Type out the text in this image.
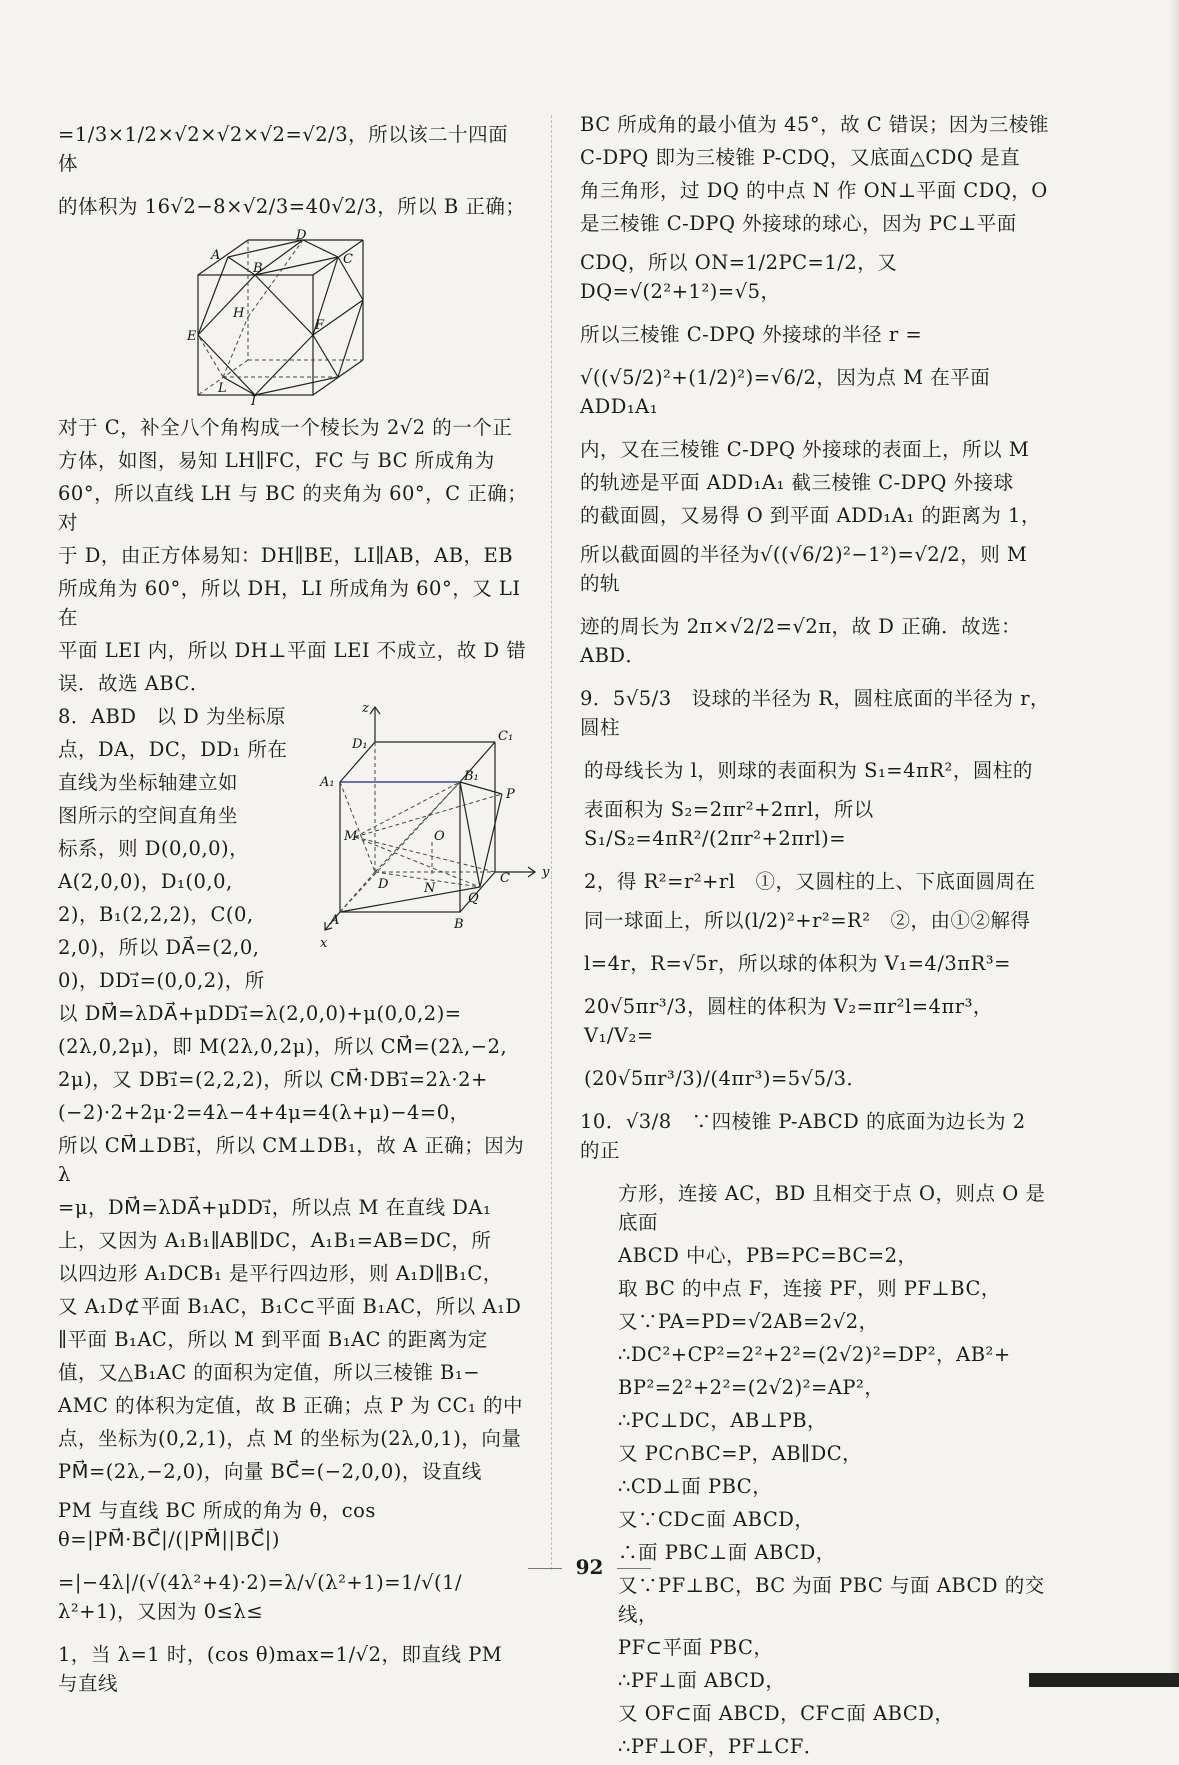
=1/3×1/2×√2×√2×√2=√2/3，所以该二十四面体
的体积为 16√2−8×√2/3=40√2/3，所以 B 正确；
A
B
C
D
E
F
H
L
I
对于 C，补全八个角构成一个棱长为 2√2 的一个正
方体，如图，易知 LH∥FC，FC 与 BC 所成角为
60°，所以直线 LH 与 BC 的夹角为 60°，C 正确；对
于 D，由正方体易知：DH∥BE，LI∥AB，AB，EB
所成角为 60°，所以 DH，LI 所成角为 60°，又 LI 在
平面 LEI 内，所以 DH⊥平面 LEI 不成立，故 D 错
误．故选 ABC．
8．ABD　以 D 为坐标原
点，DA，DC，DD₁ 所在
直线为坐标轴建立如
图所示的空间直角坐
标系，则 D(0,0,0)，
A(2,0,0)，D₁(0,0,
2)，B₁(2,2,2)，C(0,
2,0)，所以 DA⃗=(2,0,
0)，DD₁⃗=(0,0,2)，所
z
D₁
C₁
A₁	B₁
P
M	O
D	N
C y
Q
A	B
x
以 DM⃗=λDA⃗+μDD₁⃗=λ(2,0,0)+μ(0,0,2)=
(2λ,0,2μ)，即 M(2λ,0,2μ)，所以 CM⃗=(2λ,−2,
2μ)，又 DB₁⃗=(2,2,2)，所以 CM⃗·DB₁⃗=2λ·2+
(−2)·2+2μ·2=4λ−4+4μ=4(λ+μ)−4=0，
所以 CM⃗⊥DB₁⃗，所以 CM⊥DB₁，故 A 正确；因为 λ
=μ，DM⃗=λDA⃗+μDD₁⃗，所以点 M 在直线 DA₁
上，又因为 A₁B₁∥AB∥DC，A₁B₁=AB=DC，所
以四边形 A₁DCB₁ 是平行四边形，则 A₁D∥B₁C，
又 A₁D⊄平面 B₁AC，B₁C⊂平面 B₁AC，所以 A₁D
∥平面 B₁AC，所以 M 到平面 B₁AC 的距离为定
值，又△B₁AC 的面积为定值，所以三棱锥 B₁−
AMC 的体积为定值，故 B 正确；点 P 为 CC₁ 的中
点，坐标为(0,2,1)，点 M 的坐标为(2λ,0,1)，向量
PM⃗=(2λ,−2,0)，向量 BC⃗=(−2,0,0)，设直线
PM 与直线 BC 所成的角为 θ，cos θ=|PM⃗·BC⃗|/(|PM⃗||BC⃗|)
=|−4λ|/(√(4λ²+4)·2)=λ/√(λ²+1)=1/√(1/λ²+1)，又因为 0≤λ≤
1，当 λ=1 时，(cos θ)max=1/√2，即直线 PM 与直线
BC 所成角的最小值为 45°，故 C 错误；因为三棱锥
C-DPQ 即为三棱锥 P-CDQ，又底面△CDQ 是直
角三角形，过 DQ 的中点 N 作 ON⊥平面 CDQ，O
是三棱锥 C-DPQ 外接球的球心，因为 PC⊥平面
CDQ，所以 ON=1/2PC=1/2，又 DQ=√(2²+1²)=√5，
所以三棱锥 C-DPQ 外接球的半径 r =
√((√5/2)²+(1/2)²)=√6/2，因为点 M 在平面 ADD₁A₁
内，又在三棱锥 C-DPQ 外接球的表面上，所以 M
的轨迹是平面 ADD₁A₁ 截三棱锥 C-DPQ 外接球
的截面圆，又易得 O 到平面 ADD₁A₁ 的距离为 1，
所以截面圆的半径为√((√6/2)²−1²)=√2/2，则 M 的轨
迹的周长为 2π×√2/2=√2π，故 D 正确．故选：ABD．
9．5√5/3　设球的半径为 R，圆柱底面的半径为 r，圆柱
的母线长为 l，则球的表面积为 S₁=4πR²，圆柱的
表面积为 S₂=2πr²+2πrl，所以 S₁/S₂=4πR²/(2πr²+2πrl)=
2，得 R²=r²+rl　①，又圆柱的上、下底面圆周在
同一球面上，所以(l/2)²+r²=R²　②，由①②解得
l=4r，R=√5r，所以球的体积为 V₁=4/3πR³=
20√5πr³/3，圆柱的体积为 V₂=πr²l=4πr³，V₁/V₂=
(20√5πr³/3)/(4πr³)=5√5/3．
10．√3/8　∵四棱锥 P-ABCD 的底面为边长为 2 的正
方形，连接 AC，BD 且相交于点 O，则点 O 是底面
ABCD 中心，PB=PC=BC=2，
取 BC 的中点 F，连接 PF，则 PF⊥BC，
又∵PA=PD=√2AB=2√2，
∴DC²+CP²=2²+2²=(2√2)²=DP²，AB²+
BP²=2²+2²=(2√2)²=AP²，
∴PC⊥DC，AB⊥PB，
又 PC∩BC=P，AB∥DC，
∴CD⊥面 PBC，
又∵CD⊂面 ABCD，
∴面 PBC⊥面 ABCD，
又∵PF⊥BC，BC 为面 PBC 与面 ABCD 的交线，
PF⊂平面 PBC，
∴PF⊥面 ABCD，
又 OF⊂面 ABCD，CF⊂面 ABCD，
∴PF⊥OF，PF⊥CF．
92
